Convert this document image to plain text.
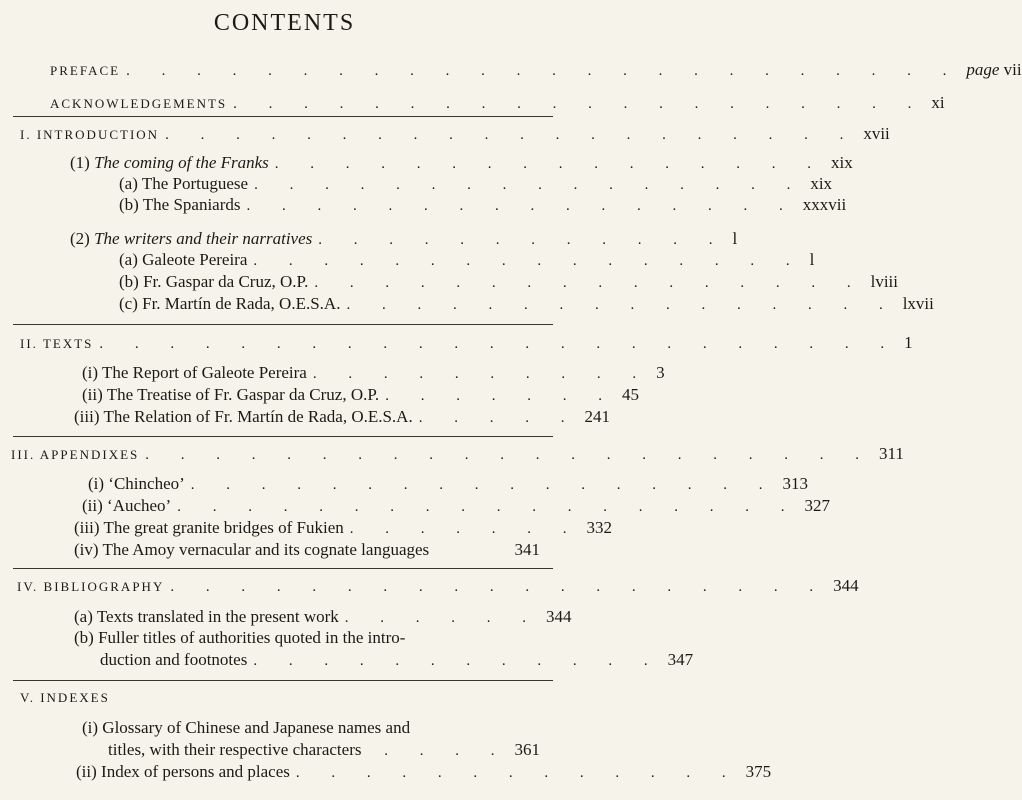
CONTENTS
PREFACE . . . . . . . . . . . . . . . . . . . . . . . . page vii
ACKNOWLEDGEMENTS . . . . . . . . . . . . . . . . . . . . xi
I. INTRODUCTION . . . . . . . . . . . . . . . . . . . . xvii
(1) The coming of the Franks . . . . . . . . . . . . . . . . xix
(a) The Portuguese . . . . . . . . . . . . . . . . xix
(b) The Spaniards . . . . . . . . . . . . . . . . xxxvii
(2) The writers and their narratives . . . . . . . . . . . . l
(a) Galeote Pereira . . . . . . . . . . . . . . . . l
(b) Fr. Gaspar da Cruz, O.P. . . . . . . . . . . . . . . . . lviii
(c) Fr. Martín de Rada, O.E.S.A. . . . . . . . . . . . . . . . . lxvii
II. TEXTS . . . . . . . . . . . . . . . . . . . . . . . 1
(i) The Report of Galeote Pereira . . . . . . . . . . 3
(ii) The Treatise of Fr. Gaspar da Cruz, O.P. . . . . . . . 45
(iii) The Relation of Fr. Martín de Rada, O.E.S.A. . . . . . 241
III. APPENDIXES . . . . . . . . . . . . . . . . . . . . . 311
(i) ‘Chincheo’ . . . . . . . . . . . . . . . . . 313
(ii) ‘Aucheo’ . . . . . . . . . . . . . . . . . . 327
(iii) The great granite bridges of Fukien . . . . . . . 332
(iv) The Amoy vernacular and its cognate languages	341
IV. BIBLIOGRAPHY . . . . . . . . . . . . . . . . . . . 344
(a) Texts translated in the present work . . . . . . 344
(b) Fuller titles of authorities quoted in the intro-
duction and footnotes . . . . . . . . . . . . 347
V. INDEXES
(i) Glossary of Chinese and Japanese names and
titles, with their respective characters	. . . . 361
(ii) Index of persons and places . . . . . . . . . . . . . 375
